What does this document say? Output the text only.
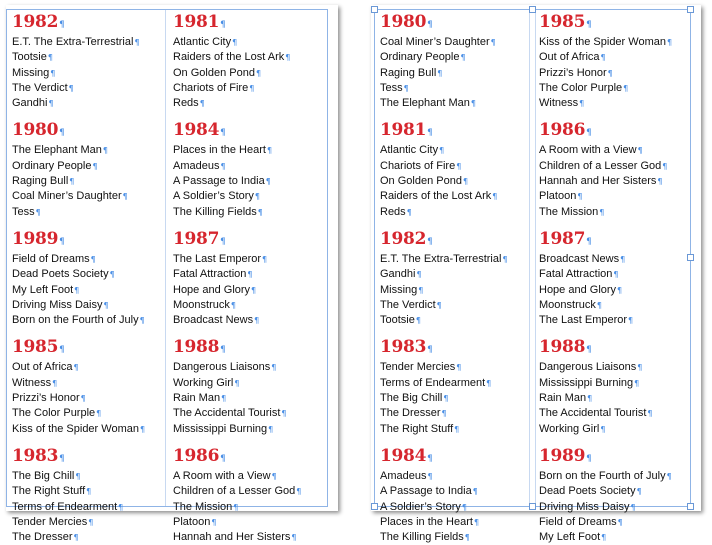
1982¶
E.T. The Extra-Terrestrial¶
Tootsie¶
Missing¶
The Verdict¶
Gandhi¶
1980¶
The Elephant Man¶
Ordinary People¶
Raging Bull¶
Coal Miner’s Daughter¶
Tess¶
1989¶
Field of Dreams¶
Dead Poets Society¶
My Left Foot¶
Driving Miss Daisy¶
Born on the Fourth of July¶
1985¶
Out of Africa¶
Witness¶
Prizzi’s Honor¶
The Color Purple¶
Kiss of the Spider Woman¶
1983¶
The Big Chill¶
The Right Stuff¶
Terms of Endearment¶
Tender Mercies¶
The Dresser¶
1981¶
Atlantic City¶
Raiders of the Lost Ark¶
On Golden Pond¶
Chariots of Fire¶
Reds¶
1984¶
Places in the Heart¶
Amadeus¶
A Passage to India¶
A Soldier’s Story¶
The Killing Fields¶
1987¶
The Last Emperor¶
Fatal Attraction¶
Hope and Glory¶
Moonstruck¶
Broadcast News¶
1988¶
Dangerous Liaisons¶
Working Girl¶
Rain Man¶
The Accidental Tourist¶
Mississippi Burning¶
1986¶
A Room with a View¶
Children of a Lesser God¶
The Mission¶
Platoon¶
Hannah and Her Sisters¶
1980¶
Coal Miner’s Daughter¶
Ordinary People¶
Raging Bull¶
Tess¶
The Elephant Man¶
1981¶
Atlantic City¶
Chariots of Fire¶
On Golden Pond¶
Raiders of the Lost Ark¶
Reds¶
1982¶
E.T. The Extra-Terrestrial¶
Gandhi¶
Missing¶
The Verdict¶
Tootsie¶
1983¶
Tender Mercies¶
Terms of Endearment¶
The Big Chill¶
The Dresser¶
The Right Stuff¶
1984¶
Amadeus¶
A Passage to India¶
A Soldier’s Story¶
Places in the Heart¶
The Killing Fields¶
1985¶
Kiss of the Spider Woman¶
Out of Africa¶
Prizzi’s Honor¶
The Color Purple¶
Witness¶
1986¶
A Room with a View¶
Children of a Lesser God¶
Hannah and Her Sisters¶
Platoon¶
The Mission¶
1987¶
Broadcast News¶
Fatal Attraction¶
Hope and Glory¶
Moonstruck¶
The Last Emperor¶
1988¶
Dangerous Liaisons¶
Mississippi Burning¶
Rain Man¶
The Accidental Tourist¶
Working Girl¶
1989¶
Born on the Fourth of July¶
Dead Poets Society¶
Driving Miss Daisy¶
Field of Dreams¶
My Left Foot¶
